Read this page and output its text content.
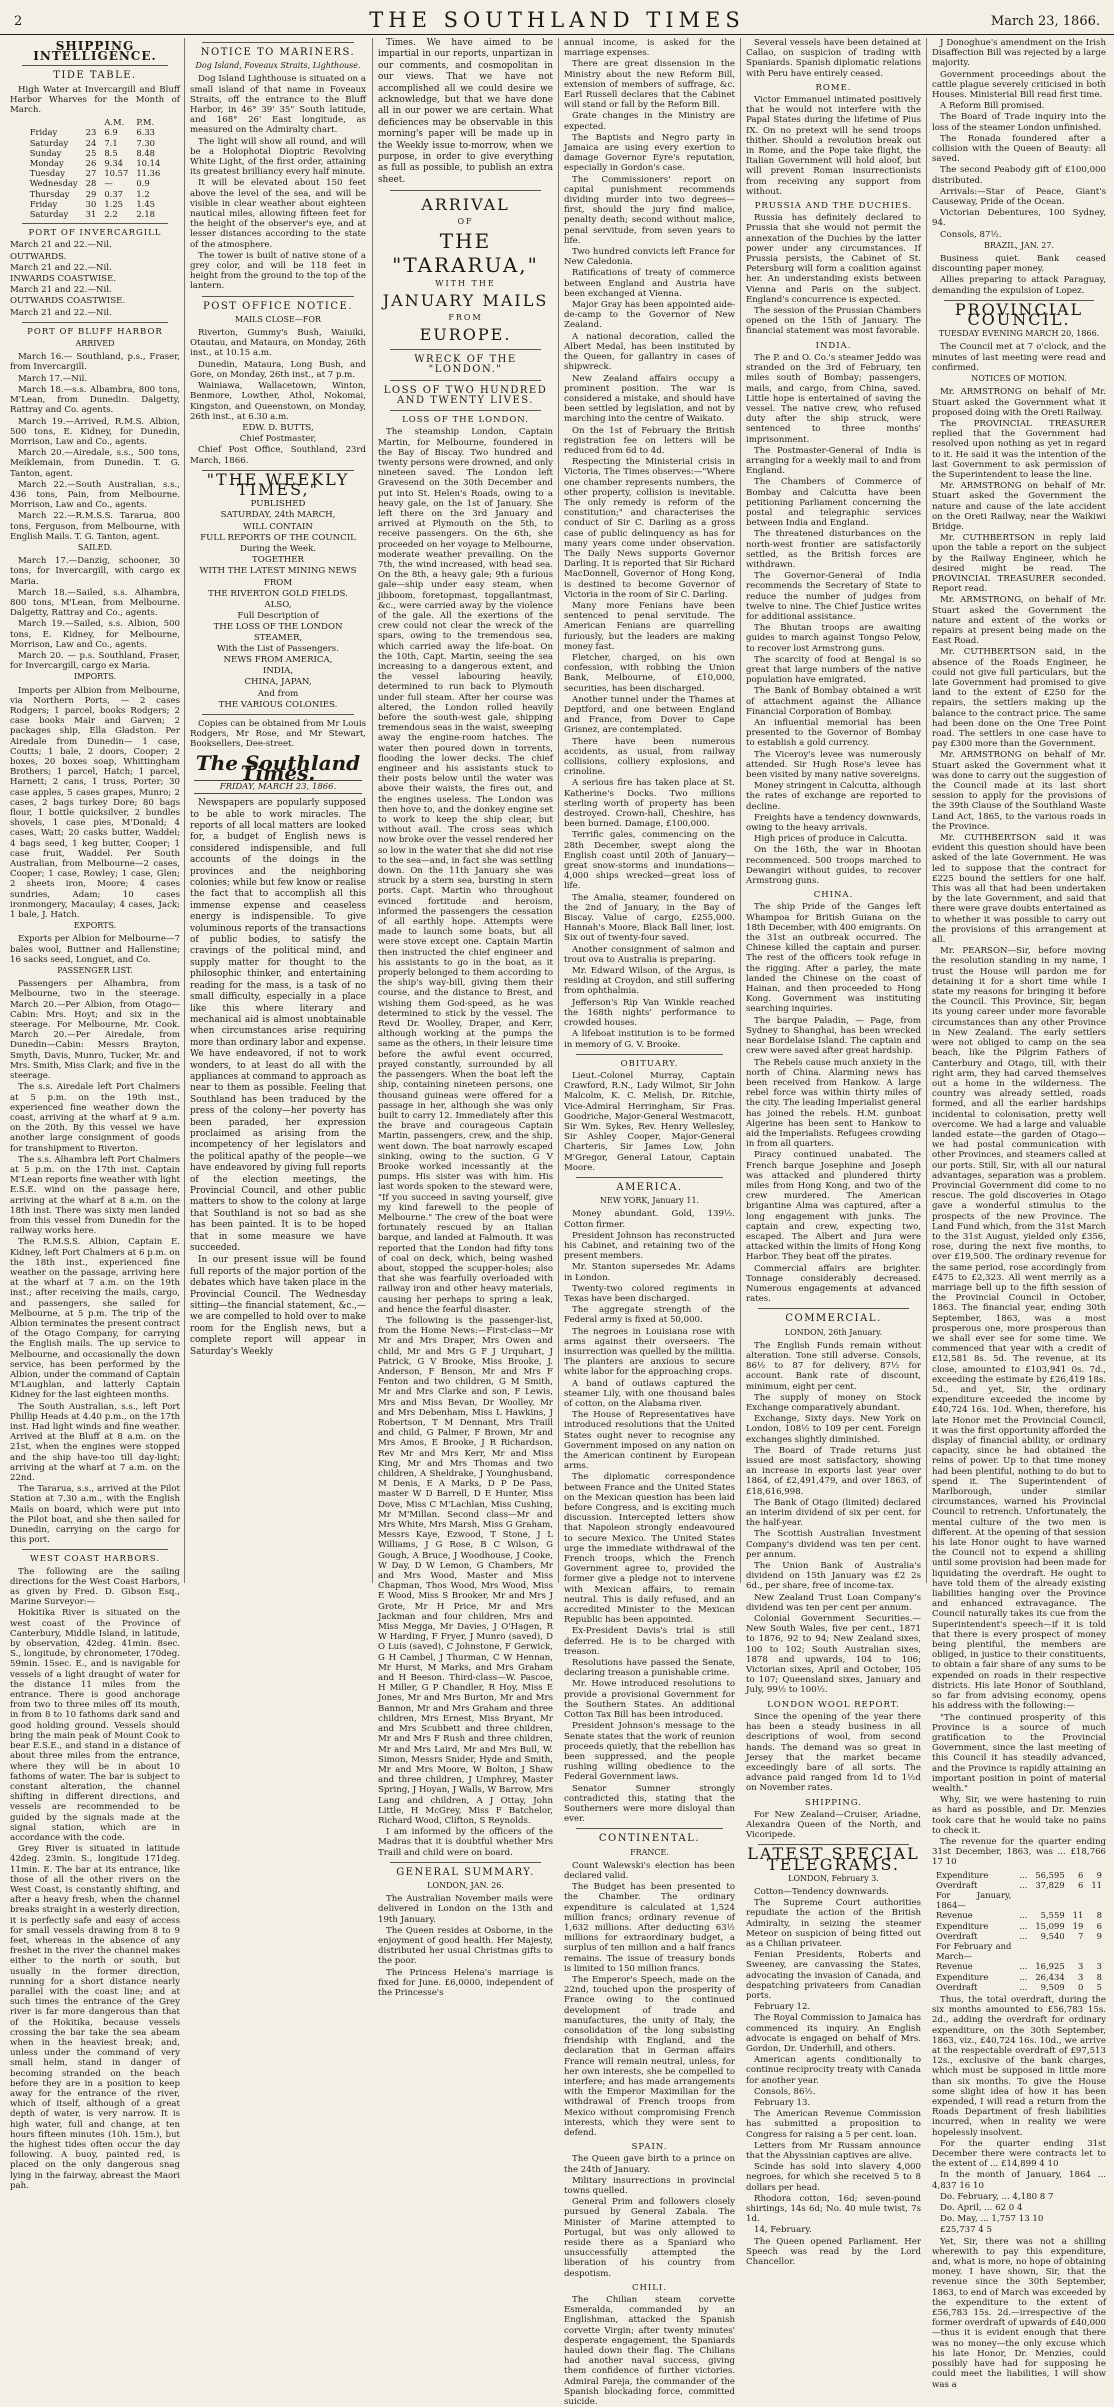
2	THE SOUTHLAND TIMES	March 23, 1866.
SHIPPING INTELLIGENCE.
TIDE TABLE.

High Water at Invercargill and Bluff Harbor Wharves for the Month of March.

		A.M.	P.M.
Friday	23	6.9	6.33
Saturday	24	7.1	7.30
Sunday	25	8.5	8.48
Monday	26	9.34	10.14
Tuesday	27	10.57	11.36
Wednesday	28	—	0.9
Thursday	29	0.37	1.2
Friday	30	1.25	1.45
Saturday	31	2.2	2.18
PORT OF INVERCARGILL

March 21 and 22.—Nil.

OUTWARDS.

March 21 and 22.—Nil.

INWARDS COASTWISE.

March 21 and 22.—Nil.

OUTWARDS COASTWISE.

March 21 and 22.—Nil.

PORT OF BLUFF HARBOR
ARRIVED

March 16.— Southland, p.s., Fraser, from Invercargill.

March 17.—Nil.

March 18.—s.s. Albambra, 800 tons, M'Lean, from Dunedin. Dalgetty, Rattray and Co. agents.

March 19.—Arrived, R.M.S. Albion, 500 tons, E. Kidney, for Dunedin, Morrison, Law and Co., agents.

March 20.—Airedale, s.s., 500 tons, Meiklemain, from Dunedin. T. G. Tanton, agent.

March 22.—South Australian, s.s., 436 tons, Pain, from Melbourne. Morrison, Law and Co., agents.

March 22.—R.M.S.S. Tararua, 800 tons, Ferguson, from Melbourne, with English Mails. T. G. Tanton, agent.

SAILED.

March 17.—Danzig, schooner, 30 tons, for Invercargill, with cargo ex Maria.

March 18.—Sailed, s.s. Alhambra, 800 tons, M'Lean, from Melbourne. Dalgetty, Rattray and Co., agents.

March 19.—Sailed, s.s. Albion, 500 tons, E. Kidney, for Melbourne, Morrison, Law and Co., agents.

March 20. — p.s. Southland, Fraser, for Invercargill, cargo ex Maria.

IMPORTS.

Imports per Albion from Melbourne, via Northern Ports, — 2 cases Rodgers; 1 parcel, books Rodgers; 2 case books Mair and Garven; 2 packages ship, Ella Gladston. Per Airedale from Dunedin— 1 case, Coutts; 1 bale, 2 doors, Cooper; 2 boxes, 20 boxes soap, Whittingham Brothers; 1 parcel, Hatch; 1 parcel, Harnett; 2 cans, 1 truss, Porter; 30 case apples, 5 cases grapes, Munro; 2 cases, 2 bags turkey Dore; 80 bags flour, 1 bottle quicksilver, 2 bundles shovels, 1 case pies, M'Donald; 4 cases, Watt; 20 casks butter, Waddel; 4 bags seed, 1 keg butter, Cooper; 1 case fruit, Waddel. Per South Australian, from Melbourne—2 cases, Cooper; 1 case, Rowley; 1 case, Glen; 2 sheets iron, Moore; 4 cases sundries, Adam; 10 cases ironmongery, Macaulay; 4 cases, Jack; 1 bale, J. Hatch.

EXPORTS.

Exports per Albion for Melbourne—7 bales wool, Buttner and Hallenstine; 16 sacks seed, Longuet, and Co.

PASSENGER LIST.

Passengers per Alhambra, from Melbourne, two in the steerage. March 20.—Per Albion, from Otago—Cabin: Mrs. Hoyt; and six in the steerage. For Melbourne, Mr. Cook. March 20.—Per Airedale, from Dunedin—Cabin: Messrs Brayton, Smyth, Davis, Munro, Tucker, Mr. and Mrs. Smith, Miss Clark; and five in the steerage.

The s.s. Airedale left Port Chalmers at 5 p.m. on the 19th inst., experienced fine weather down the coast, arriving at the wharf at 9 a.m. on the 20th. By this vessel we have another large consignment of goods for transhipment to Riverton.

The s.s. Alhambra left Port Chalmers at 5 p.m. on the 17th inst. Captain M'Lean reports fine weather with light E.S.E. wind on the passage here, arriving at the wharf at 8 a.m. on the 18th inst. There was sixty men landed from this vessel from Dunedin for the railway works here.

The R.M.S.S. Albion, Captain E. Kidney, left Port Chalmers at 6 p.m. on the 18th inst., experienced fine weather on the passage, arriving here at the wharf at 7 a.m. on the 19th inst.; after receiving the mails, cargo, and passengers, she sailed for Melbourne, at 5 p.m. The trip of the Albion terminates the present contract of the Otago Company, for carrying the English mails. The up service to Melbourne, and occasionally the down service, has been performed by the Albion, under the command of Captain M'Laughlan, and latterly Captain Kidney for the last eighteen months.

The South Australian, s.s., left Port Phillip Heads at 4.40 p.m., on the 17th inst. Had light winds and fine weather. Arrived at the Bluff at 8 a.m. on the 21st, when the engines were stopped and the ship have-too till day-light; arriving at the wharf at 7 a.m. on the 22nd.

The Tararua, s.s., arrived at the Pilot Station at 7.30 a.m., with the English Mails on board, which were put into the Pilot boat, and she then sailed for Dunedin, carrying on the cargo for this port.

WEST COAST HARBORS.

The following are the sailing directions for the West Coast Harbors, as given by Fred. D. Gibson Esq., Marine Surveyor:—

Hokitika River is situated on the west coast of the Province of Canterbury, Middle Island, in latitude, by observation, 42deg. 41min. 8sec. S., longitude, by chronometer, 170deg. 59min. 15sec. E., and is navigable for vessels of a light draught of water for the distance 11 miles from the entrance. There is good anchorage from two to three miles off its mouth, in from 8 to 10 fathoms dark sand and good holding ground. Vessels should bring the main peak of Mount Cook to bear E.S.E., and stand in a distance of about three miles from the entrance, where they will be in about 10 fathoms of water. The bar is subject to constant alteration, the channel shifting in different directions, and vessels are recommended to be guided by the signals made at the signal station, which are in accordance with the code.

Grey River is situated in latitude 42deg. 23min. S., longitude 171deg. 11min. E. The bar at its entrance, like those of all the other rivers on the West Coast, is constantly shifting, and after a heavy fresh, when the channel breaks straight in a westerly direction, it is perfectly safe and easy of access for small vessels drawing from 8 to 9 feet, whereas in the absence of any freshet in the river the channel makes either to the north or south, but usually in the former direction, running for a short distance nearly parallel with the coast line; and at such times the entrance of the Grey river is far more dangerous than that of the Hokitika, because vessels crossing the bar take the sea abeam when in the heaviest break; and, unless under the command of very small helm, stand in danger of becoming stranded on the beach before they are in a position to keep away for the entrance of the river, which of itself, although of a great depth of water, is very narrow. It is high water, full and change, at ten hours fifteen minutes (10h. 15m.), but the highest tides often occur the day following. A buoy, painted red, is placed on the only dangerous snag lying in the fairway, abreast the Maori pah.

NOTICE TO MARINERS.
Dog Island, Foveaux Straits, Lighthouse.

Dog Island Lighthouse is situated on a small island of that name in Foveaux Straits, off the entrance to the Bluff Harbor, in 46° 39' 35" South latitude, and 168° 26' East longitude, as measured on the Admiralty chart.

The light will show all round, and will be a Holophotal Dioptric Revolving White Light, of the first order, attaining its greatest brilliancy every half minute.

It will be elevated about 150 feet above the level of the sea, and will be visible in clear weather about eighteen nautical miles, allowing fifteen feet for the height of the observer's eye, and at lesser distances according to the state of the atmosphere.

The tower is built of native stone of a grey color, and will be 118 feet in height from the ground to the top of the lantern.

POST OFFICE NOTICE.
MAILS CLOSE—FOR

Riverton, Gummy's Bush, Waiuiki, Otautau, and Mataura, on Monday, 26th inst., at 10.15 a.m.

Dunedin, Mataura, Long Bush, and Gore, on Monday, 26th inst., at 7 p.m.

Wainiawa, Wallacetown, Winton, Benmore, Lowther, Athol, Nokomai, Kingston, and Queenstown, on Monday, 26th inst., at 6.30 a.m.

EDW. D. BUTTS,

Chief Postmaster,

Chief Post Office, Southland, 23rd March, 1866.

"THE WEEKLY TIMES,"

PUBLISHED

SATURDAY, 24th MARCH,

WILL CONTAIN

FULL REPORTS OF THE COUNCIL

During the Week.

TOGETHER

WITH THE LATEST MINING NEWS

FROM

THE RIVERTON GOLD FIELDS.

ALSO,

Full Description of

THE LOSS OF THE LONDON STEAMER,

With the List of Passengers.

NEWS FROM AMERICA,

INDIA,

CHINA, JAPAN,

And from

THE VARIOUS COLONIES.

Copies can be obtained from Mr Louis Rodgers, Mr Rose, and Mr Stewart, Booksellers, Dee-street.

The Southland Times.
FRIDAY, MARCH 23, 1866.

Newspapers are popularly supposed to be able to work miracles. The reports of all local matters are looked for, a budget of English news is considered indispensible, and full accounts of the doings in the provinces and the neighboring colonies; while but few know or realise the fact that to accomplish all this immense expense and ceaseless energy is indispensible. To give voluminous reports of the transactions of public bodies, to satisfy the cravings of the political mind, and supply matter for thought to the philosophic thinker, and entertaining reading for the mass, is a task of no small difficulty, especially in a place like this where literary and mechanical aid is almost unobtainable when circumstances arise requiring more than ordinary labor and expense. We have endeavored, if not to work wonders, to at least do all with the appliances at command to approach as near to them as possible. Feeling that Southland has been traduced by the press of the colony—her poverty has been paraded, her expression proclaimed as arising from the incompetency of her legislators and the political apathy of the people—we have endeavored by giving full reports of the election meetings, the Provincial Council, and other public matters to show to the colony at large that Southland is not so bad as she has been painted. It is to be hoped that in some measure we have succeeded.

In our present issue will be found full reports of the major portion of the debates which have taken place in the Provincial Council. The Wednesday sitting—the financial statement, &c.,—we are compelled to hold over to make room for the English news, but a complete report will appear in Saturday's Weekly

Times. We have aimed to be impartial in our reports, unpartizan in our comments, and cosmopolitan in our views. That we have not accomplished all we could desire we acknowledge, but that we have done all in our power we are certain. What deficiences may be observable in this morning's paper will be made up in the Weekly issue to-morrow, when we purpose, in order to give everything as full as possible, to publish an extra sheet.

ARRIVAL

OF

THE "TARARUA,"

WITH THE

JANUARY MAILS

FROM

EUROPE.

WRECK OF THE "LONDON."
LOSS OF TWO HUNDRED AND TWENTY LIVES.
LOSS OF THE LONDON.

The steamship London, Captain Martin, for Melbourne, foundered in the Bay of Biscay. Two hundred and twenty persons were drowned, and only nineteen saved. The London left Gravesend on the 30th December and put into St. Helen's Roads, owing to a heavy gale, on the 1st of January. She left there on the 3rd January and arrived at Plymouth on the 5th, to receive passengers. On the 6th, she proceeded on her voyage to Melbourne, moderate weather prevailing. On the 7th, the wind increased, with head sea. On the 8th, a heavy gale; 9th a furious gale—ship under easy steam, when jibboom, foretopmast, topgallantmast, &c., were carried away by the violence of the gale. All the exertions of the crew could not clear the wreck of the spars, owing to the tremendous sea, which carried away the life-boat. On the 10th, Capt. Martin, seeing the sea increasing to a dangerous extent, and the vessel labouring heavily, determined to run back to Plymouth under full steam. After her course was altered, the London rolled heavily before the south-west gale, shipping tremendous seas in the waist, sweeping away the engine-room hatches. The water then poured down in torrents, flooding the lower decks. The chief engineer and his assistants stuck to their posts below until the water was above their waists, the fires out, and the engines useless. The London was then hove to, and the donkey engine set to work to keep the ship clear, but without avail. The cross seas which now broke over the vessel rendered her so low in the water that she did not rise to the sea—and, in fact she was settling down. On the 11th January she was struck by a stern sea, bursting in stern ports. Capt. Martin who throughout evinced fortitude and heroism, informed the passengers the cessation of all earthly hope. Attempts were made to launch some boats, but all were stove except one. Captain Martin then instructed the chief engineer and his assistants to go in the boat, as it properly belonged to them according to the ship's way-bill, giving them their course, and the distance to Brest, and wishing them God-speed, as he was determined to stick by the vessel. The Revd Dr. Woolley, Draper, and Kerr, although working at the pumps the same as the others, in their leisure time before the awful event occurred, prayed constantly, surrounded by all the passengers. When the boat left the ship, containing nineteen persons, one thousand guineas were offered for a passage in her, although she was only built to carry 12. Immediately after this the brave and courageous Captain Martin, passengers, crew, and the ship, went down. The boat narrowly escaped sinking, owing to the suction. G V Brooke worked incessantly at the pumps. His sister was with him. His last words spoken to the steward were, "If you succeed in saving yourself, give my kind farewell to the people of Melbourne." The crew of the boat were fortunately rescued by an Italian barque, and landed at Falmouth. It was reported that the London had fifty tons of coal on deck, which, being washed about, stopped the scupper-holes; also that she was fearfully overloaded with railway iron and other heavy materials, causing her perhaps to spring a leak, and hence the fearful disaster.

The following is the passenger-list, from the Home News:—First-class—Mr Mr and Mrs Draper, Mrs Owen and child, Mr and Mrs G F J Urquhart, J Patrick, G V Brooke, Miss Brooke, J. Anderson, F Benson, Mr and Mrs F Fenton and two children, G M Smith, Mr and Mrs Clarke and son, F Lewis, Mrs and Miss Bevan, Dr Woolley, Mr and Mrs Debenham, Miss L Hawkins, J Robertson, T M Dennant, Mrs Traill and child, G Palmer, F Brown, Mr and Mrs Amos, E Brooke, J R Richardson, Rev Mr and Mrs Kerr, Mr and Miss King, Mr and Mrs Thomas and two children, A Sheldrake, J Younghusband, M Denis, E A Marks, D P De Pass, master W D Barrell, D E Hunter, Miss Dove, Miss C M'Lachlan, Miss Cushing, Mr M'Millan. Second class—Mr and Mrs White, Mrs Marsh, Miss G Graham, Messrs Kaye, Ezwood, T Stone, J L Williams, J G Rose, B C Wilson, G Gough, A Bruce, J Woodhouse, J Cooke, W Day, D W Lemon, G Chambers, Mr and Mrs Wood, Master and Miss Chapman, Thos Wood, Mrs Wood, Miss E Wood, Miss S Brooker, Mr and Mrs J Grote, Mr H Price, Mr and Mrs Jackman and four children, Mrs and Miss Megga, Mr Davies, J O'Hagen, R W Harding, F Fryer, J Munro (saved), D O Luis (saved), C Johnstone, F Gerwick, G H Cambel, J Thurman, C W Hennan, Mr Hurst, M Marks, and Mrs Graham and H Beeson. Third-class—W. Pascoe, H Miller, G P Chandler, R Hoy, Miss E Jones, Mr and Mrs Burton, Mr and Mrs Bannon, Mr and Mrs Graham and three children, Mrs Ernest, Miss Bryant, Mr and Mrs Scubbett and three children, Mr and Mrs F Rush and three children, Mr and Mrs Laird, Mr and Mrs Bull, W. Simon, Messrs Snider, Hyde and Smith, Mr and Mrs Moore, W Bolton, J Shaw and three children, J Umphrey, Master Spring, J Hoyan, J Walls, W Barrow, Mrs Lang and children, A J Ottay, John Little, H McGrey, Miss F Batchelor, Richard Wood, Clifton, S Reynolds.

I am informed by the officers of the Madras that it is doubtful whether Mrs Traill and child were on board.

GENERAL SUMMARY.
LONDON, JAN. 26.

The Australian November mails were delivered in London on the 13th and 19th January.

The Queen resides at Osborne, in the enjoyment of good health. Her Majesty, distributed her usual Christmas gifts to the poor.

The Princess Helena's marriage is fixed for June. £6,0000, independent of the Princesse's

annual income, is asked for the marriage expenses.

There are great dissension in the Ministry about the new Reform Bill, extension of members of suffrage, &c. Earl Russell declares that the Cabinet will stand or fall by the Reform Bill.

Grate changes in the Ministry are expected.

The Baptists and Negro party in Jamaica are using every exertion to damage Governor Eyre's reputation, especially in Gordon's case.

The Commissioners' report on capital punishment recommends dividing murder into two degrees—first, should the jury find malice, penalty death; second without malice, penal servitude, from seven years to life.

Two hundred convicts left France for New Caledonia.

Ratifications of treaty of commerce between England and Austria have been exchanged at Vienna.

Major Gray has been appointed aide-de-camp to the Governor of New Zealand.

A national decoration, called the Albert Medal, has been instituted by the Queen, for gallantry in cases of shipwreck.

New Zealand affairs occupy a prominent position. The war is considered a mistake, and should have been settled by legislation, and not by marching into the centre of Waikato.

On the 1st of February the British registration fee on letters will be reduced from 6d to 4d.

Respecting the Ministerial crisis in Victoria, The Times observes:—"Where one chamber represents numbers, the other property, collision is inevitable. The only remedy is reform of the constitution;" and characterises the conduct of Sir C. Darling as a gross case of public delinquency as has for many years come under observation. The Daily News supports Governor Darling. It is reported that Sir Richard MacDonnell, Governor of Hong Kong, is destined to become Governor of Victoria in the room of Sir C. Darling.

Many more Fenians have been sentenced to penal servitude. The American Fenians are quarrelling furiously, but the leaders are making money fast.

Fletcher, charged, on his own confession, with robbing the Union Bank, Melbourne, of £10,000, securities, has been discharged.

Another tunnel under the Thames at Deptford, and one between England and France, from Dover to Cape Grisnez, are contemplated.

There have been numerous accidents, as usual, from railway collisions, colliery explosions, and crinoline.

A serious fire has taken place at St. Katherine's Docks. Two millions sterling worth of property has been destroyed. Crown-hall, Cheshire, has been burned. Damage, £100,000.

Terrific gales, commencing on the 28th December, swept along the English coast until 20th of January—great snow-storms and inundations—4,000 ships wrecked—great loss of life.

The Amalia, steamer, foundered on the 2nd of January, in the Bay of Biscay. Value of cargo, £255,000. Hannah's Moore, Black Ball liner, lost. Six out of twenty-four saved.

Another consignment of salmon and trout ova to Australia is preparing.

Mr. Edward Wilson, of the Argus, is residing at Croydon, and still suffering from ophthalmia.

Jefferson's Rip Van Winkle reached the 168th nights' performance to crowded houses.

A lifeboat institution is to be formed in memory of G. V. Brooke.

OBITUARY.

Lieut.-Colonel Murray, Captain Crawford, R.N., Lady Wilmot, Sir John Malcolm, K. C. Melish, Dr. Ritchie, Vice-Admiral Herringham, Sir Fras. Goodriche, Major-General Westmacott, Sir Wm. Sykes, Rev. Henry Wellesley, Sir Ashley Cooper, Major-General Charteris, Sir James Low, John M'Gregor, General Latour, Captain Moore.

AMERICA.
NEW YORK, January 11.

Money abundant. Gold, 139½. Cotton firmer.

President Johnson has reconstructed his Cabinet, and retaining two of the present members.

Mr. Stanton supersedes Mr. Adams in London.

Twenty-two colored regiments in Texas have been discharged.

The aggregate strength of the Federal army is fixed at 50,000.

The negroes in Louisiana rose with arms against their overseers. The insurrection was quelled by the militia. The planters are anxious to secure white labor for the approaching crops.

A band of outlaws captured the steamer Lily, with one thousand bales of cotton, on the Alabama river.

The House of Representatives have introduced resolutions that the United States ought never to recognise any Government imposed on any nation on the American continent by European arms.

The diplomatic correspondence between France and the United States on the Mexican question has been laid before Congress, and is exciting much discussion. Intercepted letters show that Napoleon strongly endeavoured to secure Mexico. The United States urge the immediate withdrawal of the French troops, which the French Government agree to, provided the former give a pledge not to intervene with Mexican affairs, to remain neutral. This is daily refused, and an accredited Minister to the Mexican Republic has been appointed.

Ex-President Davis's trial is still deferred. He is to be charged with treason.

Resolutions have passed the Senate, declaring treason a punishable crime.

Mr. Howe introduced resolutions to provide a provisional Government for the Southern States. An additional Cotton Tax Bill has been introduced.

President Johnson's message to the Senate states that the work of reunion proceeds quietly, that the rebellion has been suppressed, and the people rushing willing obedience to the Federal Government laws.

Senator Sumner strongly contradicted this, stating that the Southerners were more disloyal than ever.

CONTINENTAL.
FRANCE.

Count Walewski's election has been declared valid.

The Budget has been presented to the Chamber. The ordinary expenditure is calculated at 1,524 million francs; ordinary revenue of 1,632 millions. After deducting 63½ millions for extraordinary budget, a surplus of ten million and a half francs remains. The issue of treasury bonds is limited to 150 million francs.

The Emperor's Speech, made on the 22nd, touched upon the prosperity of France owing to the continued development of trade and manufactures, the unity of Italy, the consolidation of the long subsisting friendship with England, and the declaration that in German affairs France will remain neutral, unless, for her own interests, she be compelled to interfere; and has made arrangements with the Emperor Maximilian for the withdrawal of French troops from Mexico without compromising French interests, which they were sent to defend.

SPAIN.

The Queen gave birth to a prince on the 24th of January.

Military insurrections in provincial towns quelled.

General Prim and followers closely pursued by General Zabala. The Minister of Marine attempted to Portugal, but was only allowed to reside there as a Spaniard who unsuccessfully attempted the liberation of his country from despotism.

CHILI.

The Chilian steam corvette Esmeralda, commanded by an Englishman, attacked the Spanish corvette Virgin; after twenty minutes' desperate engagement, the Spaniards hauled down their flag. The Chilians had another naval success, giving them confidence of further victories. Admiral Pareja, the commander of the Spanish blockading force, committed suicide.

Several vessels have been detained at Callao, on suspicion of trading with Spaniards. Spanish diplomatic relations with Peru have entirely ceased.

ROME.

Victor Emmanuel intimated positively that he would not interfere with the Papal States during the lifetime of Pius IX. On no pretext will he send troops thither. Should a revolution break out in Rome, and the Pope take flight, the Italian Government will hold aloof, but will prevent Roman insurrectionists from receiving any support from without.

PRUSSIA AND THE DUCHIES.

Russia has definitely declared to Prussia that she would not permit the annexation of the Duchies by the latter power under any circumstances. If Prussia persists, the Cabinet of St. Petersburg will form a coalition against her. An understanding exists between Vienna and Paris on the subject. England's concurrence is expected.

The session of the Prussian Chambers opened on the 15th of January. The financial statement was most favorable.

INDIA.

The P. and O. Co.'s steamer Jeddo was stranded on the 3rd of February, ten miles south of Bombay; passengers, mails, and cargo, from China, saved. Little hope is entertained of saving the vessel. The native crew, who refused duty after the ship struck, were sentenced to three months' imprisonment.

The Postmaster-General of India is arranging for a weekly mail to and from England.

The Chambers of Commerce of Bombay and Calcutta have been petitioning Parliament concerning the postal and telegraphic services between India and England.

The threatened disturbances on the north-west frontier are satisfactorily settled, as the British forces are withdrawn.

The Governor-General of India recommends the Secretary of State to reduce the number of judges from twelve to nine. The Chief Justice writes for additional assistance.

The Bhutan troops are awaiting guides to march against Tongso Pelow, to recover lost Armstrong guns.

The scarcity of food at Bengal is so great that large numbers of the native population have emigrated.

The Bank of Bombay obtained a writ of attachment against the Alliance Financial Corporation of Bombay.

An influential memorial has been presented to the Governor of Bombay to establish a gold currency.

The Viceroy's levee was numerously attended. Sir Hugh Rose's levee has been visited by many native sovereigns.

Money stringent in Calcutta, although the rates of exchange are reported to decline.

Freights have a tendency downwards, owing to the heavy arrivals.

High prices of produce in Calcutta.

On the 16th, the war in Bhootan recommenced. 500 troops marched to Dewangiri without guides, to recover Armstrong guns.

CHINA.

The ship Pride of the Ganges left Whampoa for British Guiana on the 18th December, with 400 emigrants. On the 31st an outbreak occurred. The Chinese killed the captain and purser. The rest of the officers took refuge in the rigging. After a parley, the mate landed the Chinese on the coast of Hainan, and then proceeded to Hong Kong. Government was instituting searching inquiries.

The barque Paladin, — Page, from Sydney to Shanghai, has been wrecked near Bordelaise Island. The captain and crew were saved after great hardship.

The Rebels cause much anxiety in the north of China. Alarming news has been received from Hankow. A large rebel force was within thirty miles of the city. The leading Imperialist general has joined the rebels. H.M. gunboat Algerine has been sent to Hankow to aid the Imperialists. Refugees crowding in from all quarters.

Piracy continued unabated. The French barque Josephine and Joseph was attacked and plundered thirty miles from Hong Kong, and two of the crew murdered. The American brigantine Alma was captured, after a long engagement with junks. The captain and crew, expecting two, escaped. The Albert and Jura were attacked within the limits of Hong Kong Harbor. They beat off the pirates.

Commercial affairs are brighter. Tonnage considerably decreased. Numerous engagements at advanced rates.

COMMERCIAL.
LONDON, 26th January.

The English Funds remain without alteration. Tone still adverse. Consols, 86½ to 87 for delivery, 87½ for account. Bank rate of discount, minimum, eight per cent.

The supply of money on Stock Exchange comparatively abundant.

Exchange, Sixty days. New York on London, 108½ to 109 per cent. Foreign exchanges slightly diminished.

The Board of Trade returns just issued are most satisfactory, showing an increase in exports last year over 1864, of £2,491,479, and over 1863, of £18,616,998.

The Bank of Otago (limited) declared an interim dividend of six per cent. for the half-year.

The Scottish Australian Investment Company's dividend was ten per cent. per annum.

The Union Bank of Australia's dividend on 15th January was £2 2s 6d., per share, free of income-tax.

New Zealand Trust Loan Company's dividend was ten per cent per annum.

Colonial Government Securities.—New South Wales, five per cent., 1871 to 1876, 92 to 94; New Zealand sixes, 100 to 102; South Australian sixes, 1878 and upwards, 104 to 106; Victorian sixes, April and October, 105 to 107; Queensland sixes, January and July, 99½ to 100½.

LONDON WOOL REPORT.

Since the opening of the year there has been a steady business in all descriptions of wool, from second hands. The demand was so great in Jersey that the market became exceedingly bare of all sorts. The advance paid ranged from 1d to 1½d on November rates.

SHIPPING.

For New Zealand—Cruiser, Ariadne, Alexandra Queen of the North, and Vicoripede.

LATEST SPECIAL TELEGRAMS.
LONDON, February 3.

Cotton—Tendency downwards.

The Supreme Court authorities repudiate the action of the British Admiralty, in seizing the steamer Meteor on suspicion of being fitted out as a Chilian privateer.

Fenian Presidents, Roberts and Sweeney, are canvassing the States, advocating the invasion of Canada, and despatching privateers from Canadian ports.

February 12.

The Royal Commission to Jamaica has commenced its inquiry. An English advocate is engaged on behalf of Mrs. Gordon, Dr. Underhill, and others.

American agents conditionally to continue reciprocity treaty with Canada for another year.

Consols, 86½.

February 13.

The American Revenue Commission has submitted a proposition to Congress for raising a 5 per cent. loan.

Letters from Mr Russam announce that the Abyssinian captives are alive.

Scinde has sold into slavery 4,000 negroes, for which she received 5 to 8 dollars per head.

Rhodora cotton, 16d; seven-pound shirtings, 14s 6d; No. 40 mule twist, 7s 1d.

14, February.

The Queen opened Parliament. Her Speech was read by the Lord Chancellor.

J Donoghue's amendment on the Irish Disaffection Bill was rejected by a large majority.

Government proceedings about the cattle plague severely criticised in both Houses. Ministerial Bill read first time.

A Reform Bill promised.

The Board of Trade inquiry into the loss of the steamer London unfinished.

The Ronada foundered after a collision with the Queen of Beauty: all saved.

The second Peabody gift of £100,000 distributed.

Arrivals:—Star of Peace, Giant's Causeway, Pride of the Ocean.

Victorian Debentures, 100 Sydney, 94.

Consols, 87½.

BRAZIL, JAN. 27.

Business quiet. Bank ceased discounting paper money.

Allies preparing to attack Paraguay, demanding the expulsion of Lopez.

PROVINCIAL COUNCIL.
TUESDAY EVENING MARCH 20, 1866.

The Council met at 7 o'clock, and the minutes of last meeting were read and confirmed.

NOTICES OF MOTION.

Mr. ARMSTRONG on behalf of Mr. Stuart asked the Government what it proposed doing with the Oreti Railway.

The PROVINCIAL TREASURER replied that the Government had resolved upon nothing as yet in regard to it. He said it was the intention of the last Government to ask permission of the Superintendent to lease the line.

Mr. ARMSTRONG on behalf of Mr. Stuart asked the Government the nature and cause of the late accident on the Oreti Railway, near the Waikiwi Bridge.

Mr. CUTHBERTSON in reply laid upon the table a report on the subject by the Railway Engineer, which he desired might be read. The PROVINCIAL TREASURER seconded. Report read.

Mr. ARMSTRONG, on behalf of Mr. Stuart asked the Government the nature and extent of the works or repairs at present being made on the East Road.

Mr. CUTHBERTSON said, in the absence of the Roads Engineer, he could not give full particulars, but the late Government had promised to give land to the extent of £250 for the repairs, the settlers making up the balance to the contract price. The same had been done on the One Tree Point road. The settlers in one case have to pay £300 more than the Government.

Mr. ARMSTRONG on behalf of Mr. Stuart asked the Government what it was done to carry out the suggestion of the Council made at its last short session to apply for the provisions of the 39th Clause of the Southland Waste Land Act, 1865, to the various roads in the Province.

Mr. CUTHBERTSON said it was evident this question should have been asked of the late Government. He was led to suppose that the contract for £225 bound the settlers for one half. This was all that had been undertaken by the late Government, and said that there were grave doubts entertained as to whether it was possible to carry out the provisions of this arrangement at all.

Mr. PEARSON—Sir, before moving the resolution standing in my name, I trust the House will pardon me for detaining it for a short time while I state my reasons for bringing it before the Council. This Province, Sir, began its young career under more favorable circumstances than any other Province in New Zealand. The early settlers were not obliged to camp on the sea beach, like the Pilgrim Fathers of Canterbury and Otago, till, with their right arm, they had carved themselves out a home in the wilderness. The country was already settled, roads formed, and all the earlier hardships incidental to colonisation, pretty well overcome. We had a large and valuable landed estate—the garden of Otago—we had postal communication with other Provinces, and steamers called at our ports. Still, Sir, with all our natural advantages, separation was a problem. Provincial Government did come to no rescue. The gold discoveries in Otago gave a wonderful stimulus to the prospects of the new Province. The Land Fund which, from the 31st March to the 31st August, yielded only £356, rose, during the next five months, to over £19,500. The ordinary revenue for the same period, rose accordingly from £475 to £2,323. All went merrily as a marriage bell up to the fifth session of the Provincial Council in October, 1863. The financial year, ending 30th September, 1863, was a most prosperous one, more prosperous than we shall ever see for some time. We commenced that year with a credit of £12,581 8s. 5d. The revenue, at its close, amounted to £103,941 0s. 7d., exceeding the estimate by £26,419 18s. 5d., and yet, Sir, the ordinary expenditure exceeded the income by £40,724 16s. 10d. When, therefore, his late Honor met the Provincial Council, it was the first opportunity afforded the display of financial ability, or ordinary capacity, since he had obtained the reins of power. Up to that time money had been plentiful, nothing to do but to spend it. The Superintendent of Marlborough, under similar circumstances, warned his Provincial Council to retrench. Unfortunately, the mental culture of the two men is different. At the opening of that session his late Honor ought to have warned the Council not to expend a shilling until some provision had been made for liquidating the overdraft. He ought to have told them of the already existing liabilities hanging over the Province and enhanced extravagance. The Council naturally takes its cue from the Superintendent's speech—if it is told that there is every prospect of money being plentiful, the members are obliged, in justice to their constituents, to obtain a fair share of any sums to be expended on roads in their respective districts. His late Honor of Southland, so far from advising economy, opens his address with the following:—

"The continued prosperity of this Province is a source of much gratification to the Provincial Government, since the last meeting of this Council it has steadily advanced, and the Province is rapidly attaining an important position in point of material wealth."

Why, Sir, we were hastening to ruin as hard as possible, and Dr. Menzies took care that he would take no pains to check it.

The revenue for the quarter ending 31st December, 1863, was ... £18,766 17 10

Expenditure	...	56,595	6	9
Overdraft	...	37,829	6	11
For January, 1864—				
Revenue	...	5,559	11	8
Expenditure	...	15,099	19	6
Overdraft	...	9,540	7	9
For February and March—				
Revenue	...	16,925	3	3
Expenditure	...	26,434	3	8
Overdraft	...	9,509	0	5

Thus, the total overdraft, during the six months amounted to £56,783 15s. 2d., adding the overdraft for ordinary expenditure, on the 30th September, 1863, viz., £40,724 16s. 10d., we arrive at the respectable overdraft of £97,513 12s., exclusive of the bank charges, which must be supposed in little more than six months. To give the House some slight idea of how it has been expended, I will read a return from the Roads Department of fresh liabilities incurred, when in reality we were hopelessly insolvent.

For the quarter ending 31st December there were contracts let to the extent of ... £14,899 4 10

In the month of January, 1864 ... 4,837 16 10

Do. February, ... 4,180 8 7

Do. April, ... 62 0 4

Do. May, ... 1,757 13 10

£25,737 4 5

Yet, Sir, there was not a shilling wherewith to pay this expenditure, and, what is more, no hope of obtaining money. I have shown, Sir, that the revenue since the 30th September, 1863, to end of March was exceeded by the expenditure to the extent of £56,783 15s. 2d.—irrespective of the former overdraft of upwards of £40,000—thus it is evident enough that there was no money—the only excuse which his late Honor, Dr. Menzies, could possibly have had for supposing he could meet the liabilities, I will show was a
